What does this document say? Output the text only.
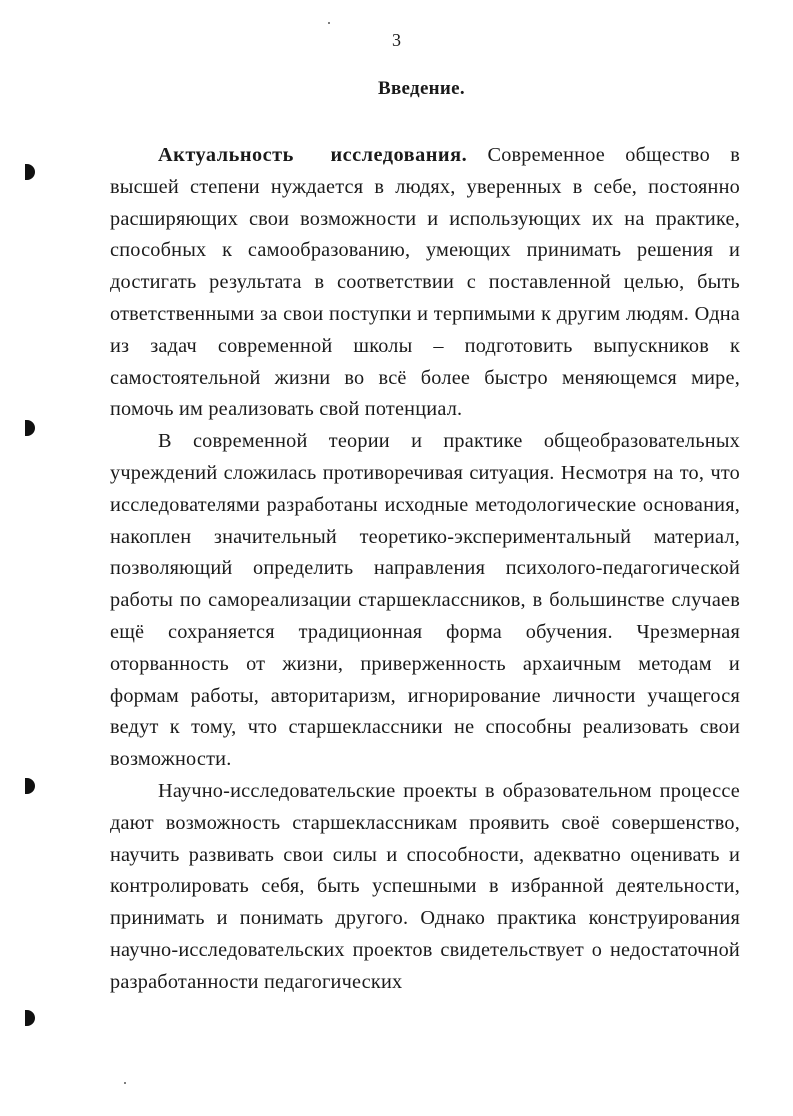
3
Введение.

Актуальность исследования. Современное общество в высшей степени нуждается в людях, уверенных в себе, постоянно расширяющих свои возможности и использующих их на практике, способных к самообразованию, умеющих принимать решения и достигать результата в соответствии с поставленной целью, быть ответственными за свои поступки и терпимыми к другим людям. Одна из задач современной школы – подготовить выпускников к самостоятельной жизни во всё более быстро меняющемся мире, помочь им реализовать свой потенциал.

В современной теории и практике общеобразовательных учреждений сложилась противоречивая ситуация. Несмотря на то, что исследователями разработаны исходные методологические основания, накоплен значительный теоретико-экспериментальный материал, позволяющий определить направления психолого-педагогической работы по самореализации старшеклассников, в большинстве случаев ещё сохраняется традиционная форма обучения. Чрезмерная оторванность от жизни, приверженность архаичным методам и формам работы, авторитаризм, игнорирование личности учащегося ведут к тому, что старшеклассники не способны реализовать свои возможности.

Научно-исследовательские проекты в образовательном процессе дают возможность старшеклассникам проявить своё совершенство, научить развивать свои силы и способности, адекватно оценивать и контролировать себя, быть успешными в избранной деятельности, принимать и понимать другого. Однако практика конструирования научно-исследовательских проектов свидетельствует о недостаточной разработанности педагогических
